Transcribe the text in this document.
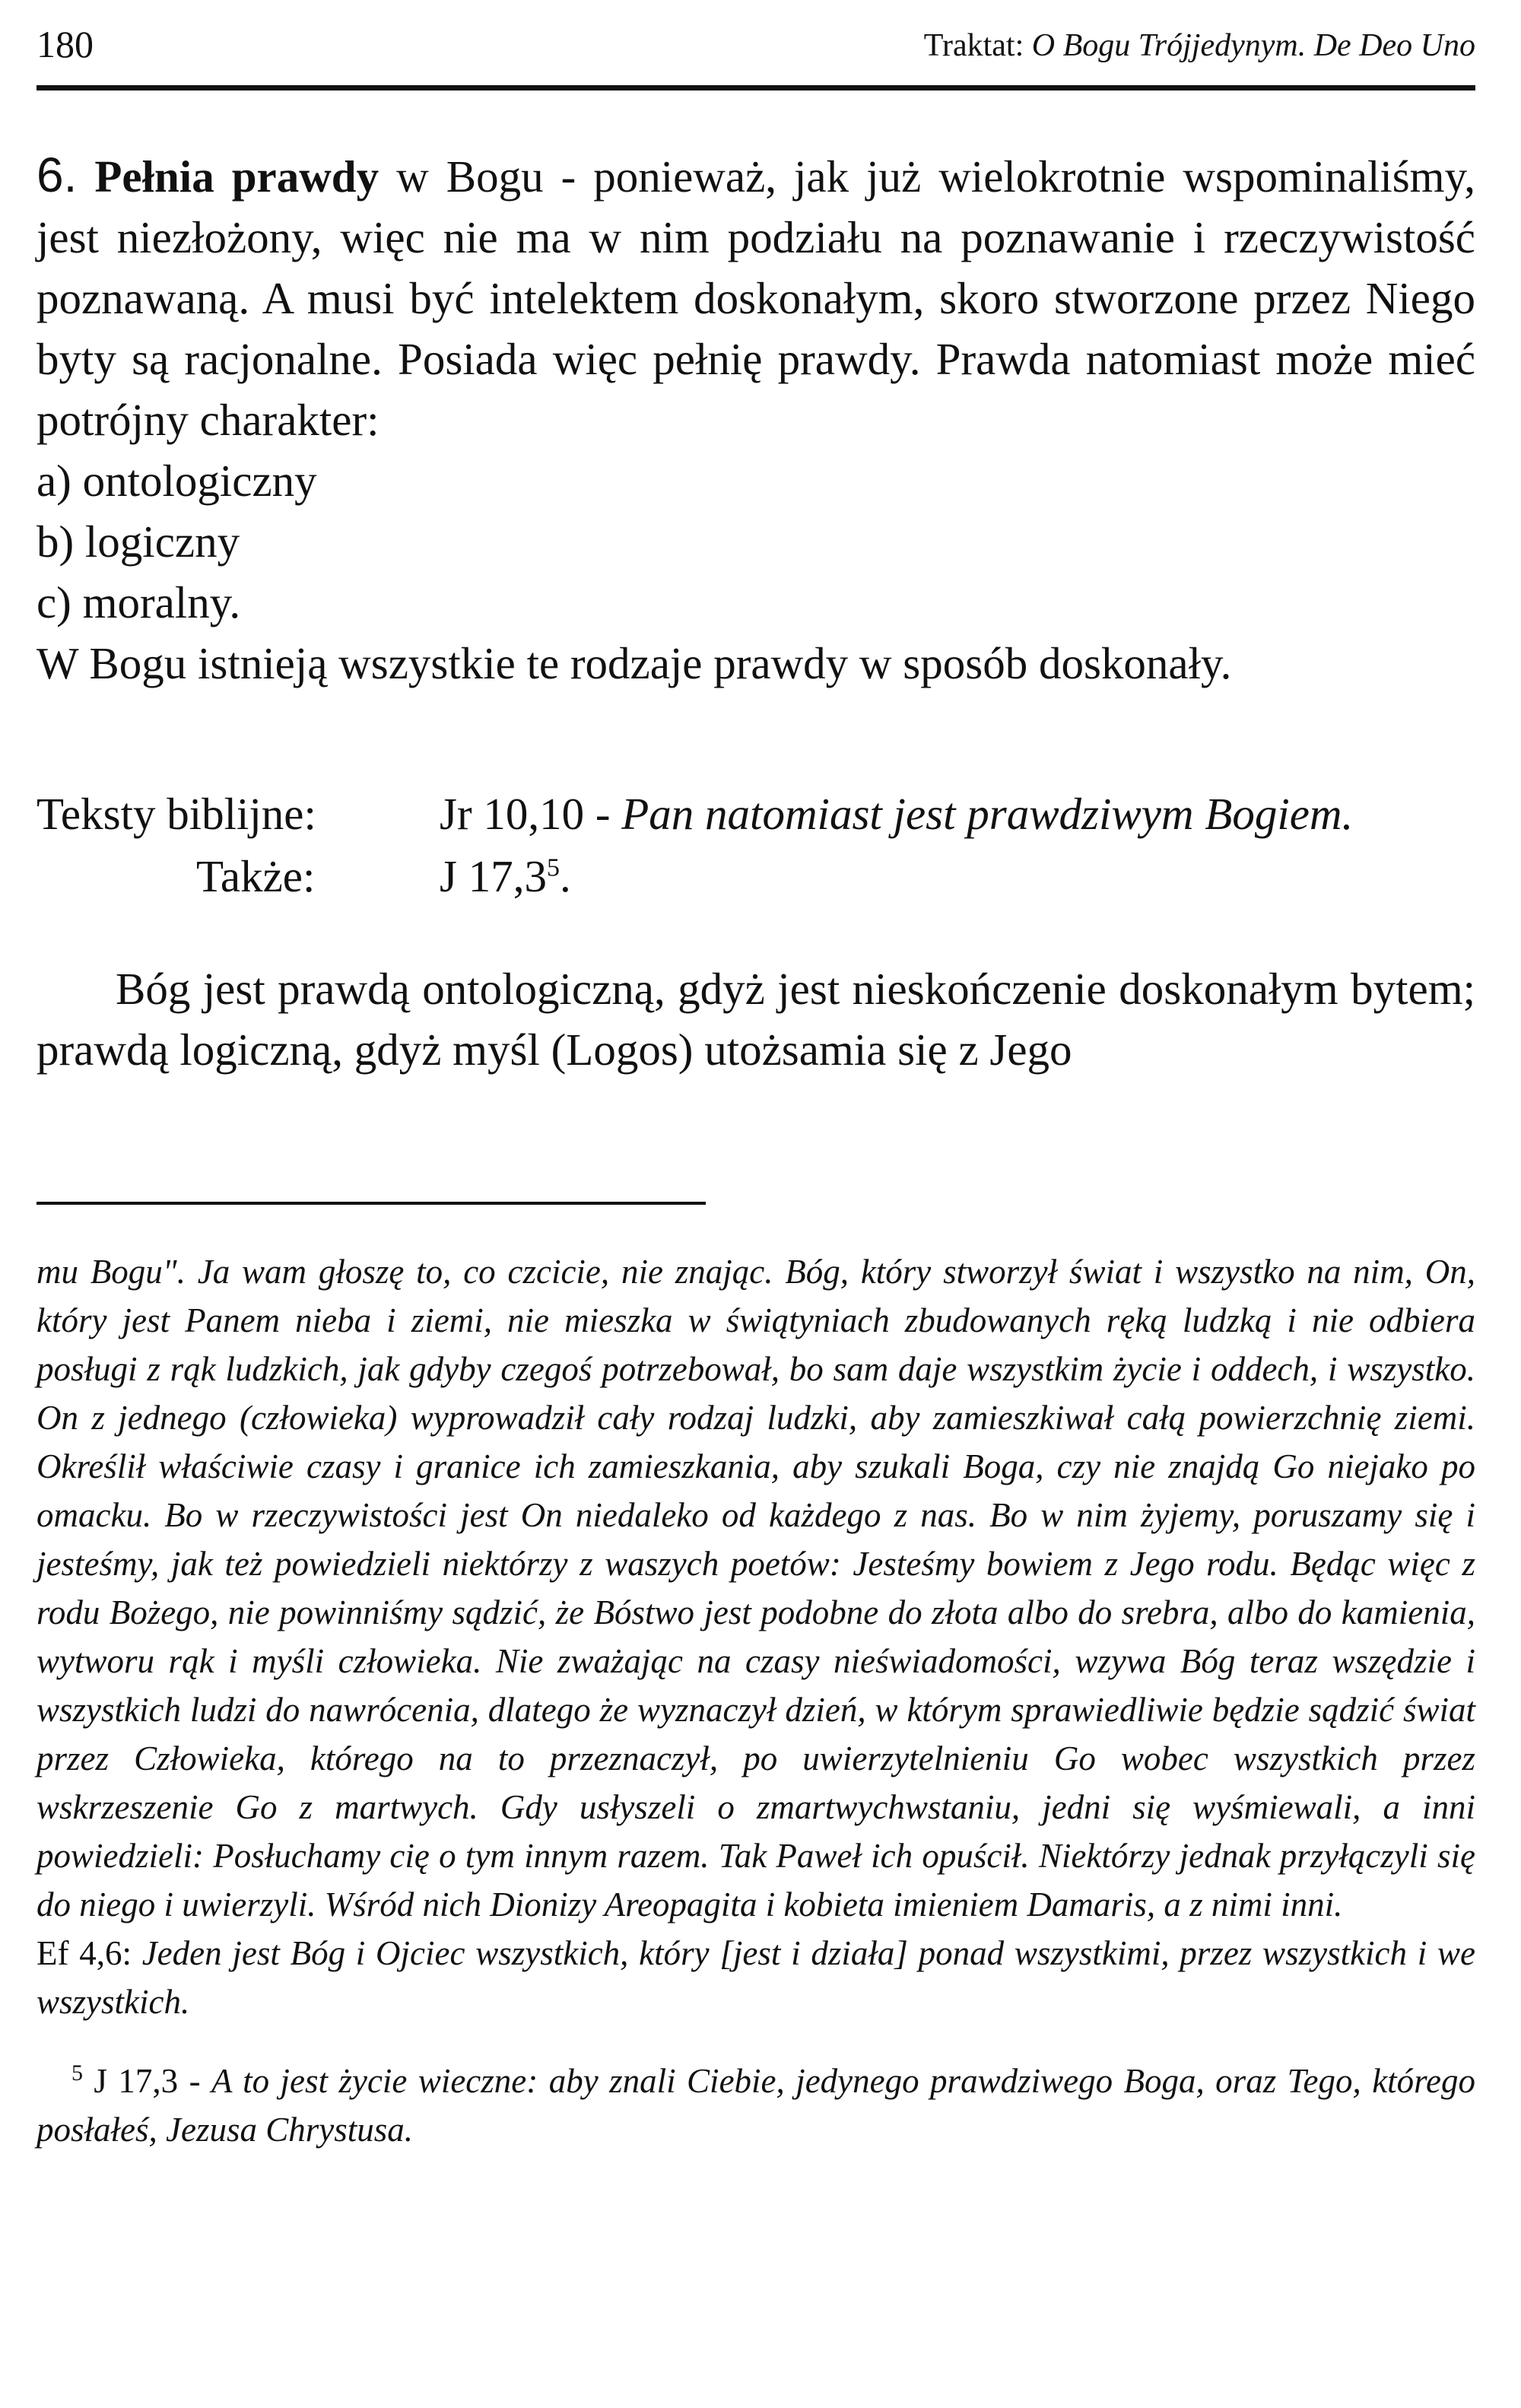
180	Traktat: O Bogu Trójjedynym. De Deo Uno

6. Pełnia prawdy w Bogu - ponieważ, jak już wielokrotnie wspominaliśmy, jest niezłożony, więc nie ma w nim podziału na poznawanie i rzeczywistość poznawaną. A musi być intelektem doskonałym, skoro stworzone przez Niego byty są racjonalne. Posiada więc pełnię prawdy. Prawda natomiast może mieć potrójny charakter:

a) ontologiczny

b) logiczny

c) moralny.

W Bogu istnieją wszystkie te rodzaje prawdy w sposób doskonały.

Teksty biblijne:	Jr 10,10 - Pan natomiast jest prawdziwym Bogiem.
Także:	J 17,3$^5$.

Bóg jest prawdą ontologiczną, gdyż jest nieskończenie doskonałym bytem; prawdą logiczną, gdyż myśl (Logos) utożsamia się z Jego

mu Bogu". Ja wam głoszę to, co czcicie, nie znając. Bóg, który stworzył świat i wszystko na nim, On, który jest Panem nieba i ziemi, nie mieszka w świątyniach zbudowanych ręką ludzką i nie odbiera posługi z rąk ludzkich, jak gdyby czegoś potrzebował, bo sam daje wszystkim życie i oddech, i wszystko. On z jednego (człowieka) wyprowadził cały rodzaj ludzki, aby zamieszkiwał całą powierzchnię ziemi. Określił właściwie czasy i granice ich zamieszkania, aby szukali Boga, czy nie znajdą Go niejako po omacku. Bo w rzeczywistości jest On niedaleko od każdego z nas. Bo w nim żyjemy, poruszamy się i jesteśmy, jak też powiedzieli niektórzy z waszych poetów: Jesteśmy bowiem z Jego rodu. Będąc więc z rodu Bożego, nie powinniśmy sądzić, że Bóstwo jest podobne do złota albo do srebra, albo do kamienia, wytworu rąk i myśli człowieka. Nie zważając na czasy nieświadomości, wzywa Bóg teraz wszędzie i wszystkich ludzi do nawrócenia, dlatego że wyznaczył dzień, w którym sprawiedliwie będzie sądzić świat przez Człowieka, którego na to przeznaczył, po uwierzytelnieniu Go wobec wszystkich przez wskrzeszenie Go z martwych. Gdy usłyszeli o zmartwychwstaniu, jedni się wyśmiewali, a inni powiedzieli: Posłuchamy cię o tym innym razem. Tak Paweł ich opuścił. Niektórzy jednak przyłączyli się do niego i uwierzyli. Wśród nich Dionizy Areopagita i kobieta imieniem Damaris, a z nimi inni.

Ef 4,6: Jeden jest Bóg i Ojciec wszystkich, który [jest i działa] ponad wszystkimi, przez wszystkich i we wszystkich.

$^5$ J 17,3 - A to jest życie wieczne: aby znali Ciebie, jedynego prawdziwego Boga, oraz Tego, którego posłałeś, Jezusa Chrystusa.
